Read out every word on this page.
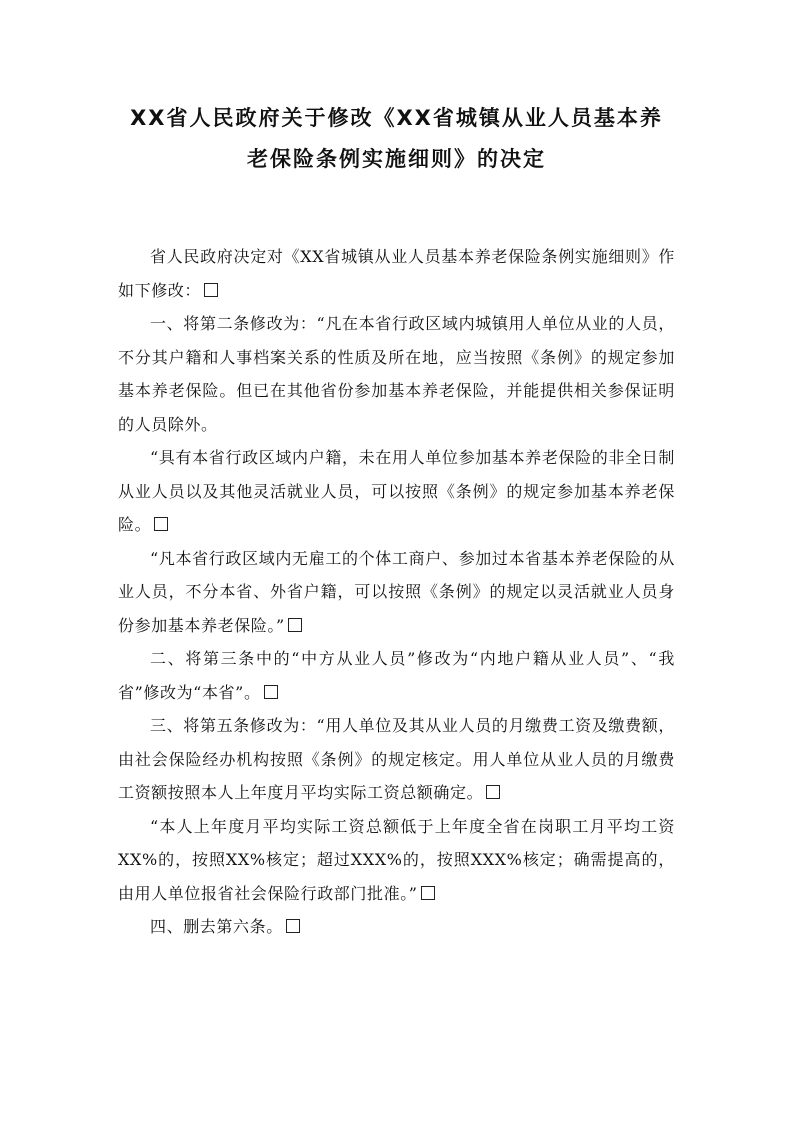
XX省人民政府关于修改《XX省城镇从业人员基本养
老保险条例实施细则》的决定

省人民政府决定对《XX省城镇从业人员基本养老保险条例实施细则》作如下修改：

一、将第二条修改为：“凡在本省行政区域内城镇用人单位从业的人员，不分其户籍和人事档案关系的性质及所在地，应当按照《条例》的规定参加基本养老保险。但已在其他省份参加基本养老保险，并能提供相关参保证明的人员除外。

“具有本省行政区域内户籍，未在用人单位参加基本养老保险的非全日制从业人员以及其他灵活就业人员，可以按照《条例》的规定参加基本养老保险。

“凡本省行政区域内无雇工的个体工商户、参加过本省基本养老保险的从业人员，不分本省、外省户籍，可以按照《条例》的规定以灵活就业人员身份参加基本养老保险。”

二、将第三条中的“中方从业人员”修改为“内地户籍从业人员”、“我省”修改为“本省”。

三、将第五条修改为：“用人单位及其从业人员的月缴费工资及缴费额，由社会保险经办机构按照《条例》的规定核定。用人单位从业人员的月缴费工资额按照本人上年度月平均实际工资总额确定。

“本人上年度月平均实际工资总额低于上年度全省在岗职工月平均工资XX%的，按照XX%核定；超过XXX%的，按照XXX%核定；确需提高的，由用人单位报省社会保险行政部门批准。”

四、删去第六条。
